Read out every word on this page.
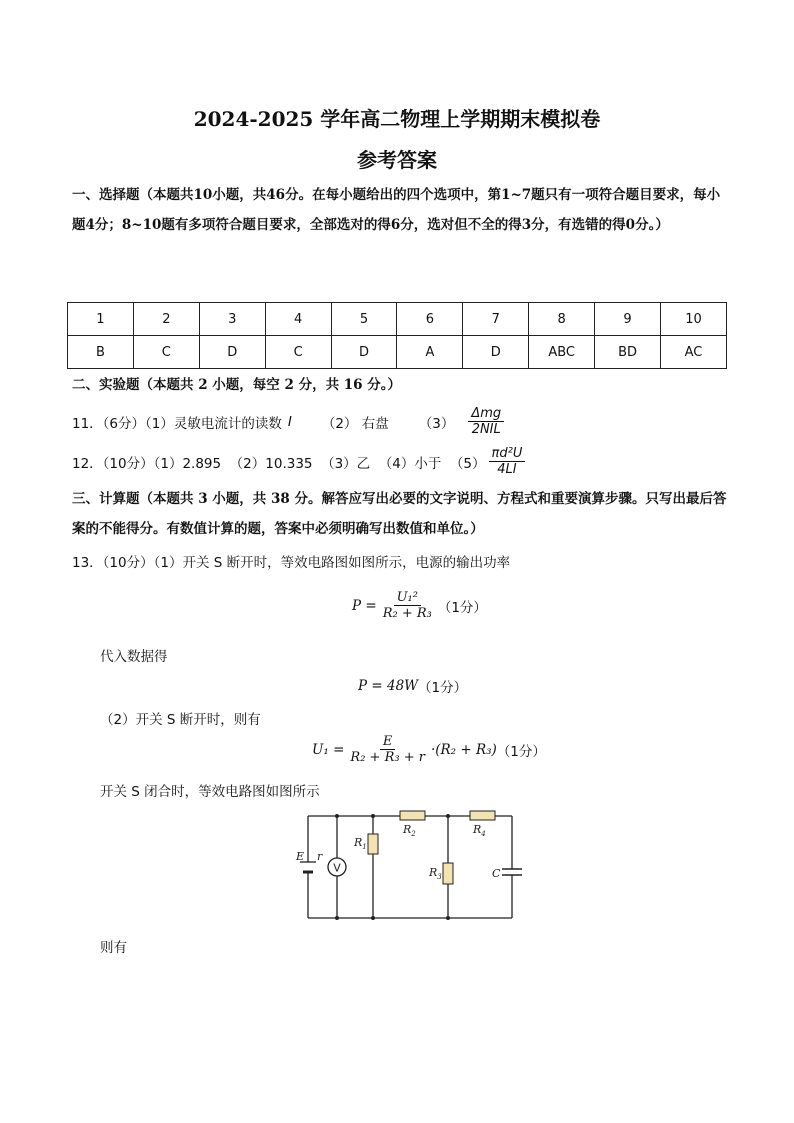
2024-2025 学年高二物理上学期期末模拟卷
参考答案
一、选择题（本题共10小题，共46分。在每小题给出的四个选项中，第1~7题只有一项符合题目要求，每小题4分；8~10题有多项符合题目要求，全部选对的得6分，选对但不全的得3分，有选错的得0分。）
1	2	3	4	5	6	7	8	9	10
B	C	D	C	D	A	D	ABC	BD	AC
二、实验题（本题共 2 小题，每空 2 分，共 16 分。）
11．（6分）（1）灵敏电流计的读数 I （2） 右盘 $(3) \frac{\text{Δmg}}{\text{2NIL}}$
12．（10分）（1）2.895  （2）10.335  （3）乙  （4）小于  $(5) \frac{\text{πd²U}}{4LI}$
三、计算题（本题共 3 小题，共 38 分。解答应写出必要的文字说明、方程式和重要演算步骤。只写出最后答案的不能得分。有数值计算的题，答案中必须明确写出数值和单位。）
13．（10分）（1）开关 S 断开时，等效电路图如图所示，电源的输出功率
$P = \frac{\text{U₁²}}{\text{R₂ + R₃}} (1$分）
代入数据得
P = 48W （1分）
（2）开关 S 断开时，则有
$U_1 = \frac{E}{\text{R₂ + R₃ + r}} \cdot(R_2 + R_3)$ （1分）
开关 S 闭合时，等效电路图如图所示
V
E r
$R_1$
$R_2$
$R_3$
$R_4$
C
则有
